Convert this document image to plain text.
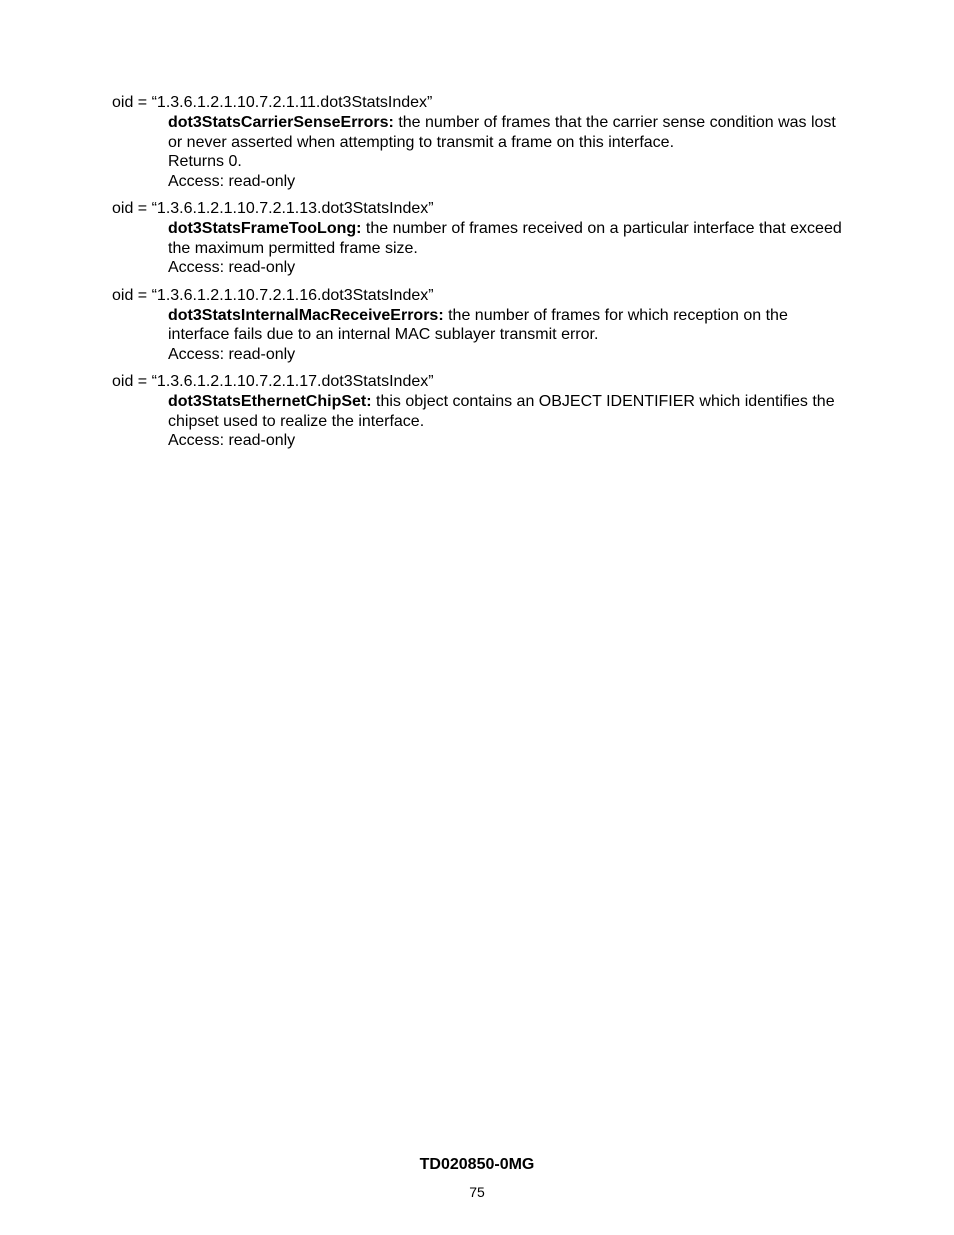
oid = “1.3.6.1.2.1.10.7.2.1.11.dot3StatsIndex”
dot3StatsCarrierSenseErrors: the number of frames that the carrier sense condition was lost or never asserted when attempting to transmit a frame on this interface.
Returns 0.
Access: read-only
oid = “1.3.6.1.2.1.10.7.2.1.13.dot3StatsIndex”
dot3StatsFrameTooLong: the number of frames received on a particular interface that exceed the maximum permitted frame size.
Access: read-only
oid = “1.3.6.1.2.1.10.7.2.1.16.dot3StatsIndex”
dot3StatsInternalMacReceiveErrors: the number of frames for which reception on the interface fails due to an internal MAC sublayer transmit error.
Access: read-only
oid = “1.3.6.1.2.1.10.7.2.1.17.dot3StatsIndex”
dot3StatsEthernetChipSet: this object contains an OBJECT IDENTIFIER which identifies the chipset used to realize the interface.
Access: read-only
TD020850-0MG
75
